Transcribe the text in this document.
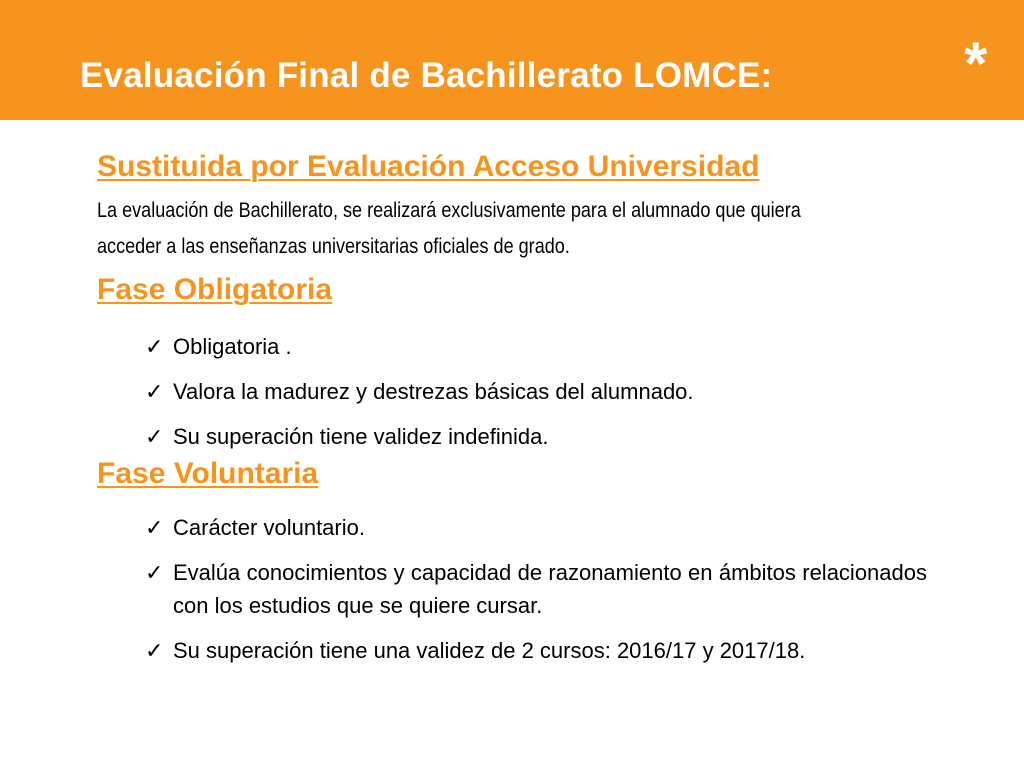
Evaluación Final de Bachillerato LOMCE:	*
Sustituida por Evaluación Acceso Universidad
La evaluación de Bachillerato, se realizará exclusivamente para el alumnado que quiera
acceder a las enseñanzas universitarias oficiales de grado.
Fase Obligatoria
✓ Obligatoria .
✓ Valora la madurez y destrezas básicas del alumnado.
✓ Su superación tiene validez indefinida.
Fase Voluntaria
✓ Carácter voluntario.
✓ Evalúa conocimientos y capacidad de razonamiento en ámbitos relacionados con los estudios que se quiere cursar.
✓ Su superación tiene una validez de 2 cursos: 2016/17 y 2017/18.
